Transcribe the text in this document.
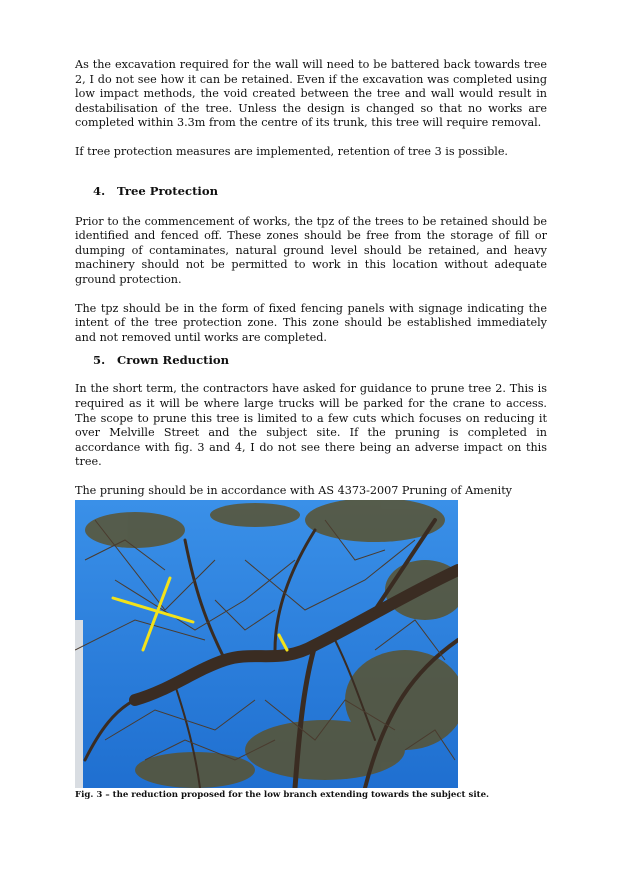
As the excavation required for the wall will need to be battered back towards tree 2, I do not see how it can be retained. Even if the excavation was completed using low impact methods, the void created between the tree and wall would result in destabilisation of the tree. Unless the design is changed so that no works are completed within 3.3m from the centre of its trunk, this tree will require removal.

If tree protection measures are implemented, retention of tree 3 is possible.

4. Tree Protection

Prior to the commencement of works, the tpz of the trees to be retained should be identified and fenced off. These zones should be free from the storage of fill or dumping of contaminates, natural ground level should be retained, and heavy machinery should not be permitted to work in this location without adequate ground protection.

The tpz should be in the form of fixed fencing panels with signage indicating the intent of the tree protection zone. This zone should be established immediately and not removed until works are completed.

5. Crown Reduction

In the short term, the contractors have asked for guidance to prune tree 2. This is required as it will be where large trucks will be parked for the crane to access. The scope to prune this tree is limited to a few cuts which focuses on reducing it over Melville Street and the subject site. If the pruning is completed in accordance with fig. 3 and 4, I do not see there being an adverse impact on this tree.

The pruning should be in accordance with AS 4373-2007 Pruning of Amenity

Fig. 3 – the reduction proposed for the low branch extending towards the subject site.
